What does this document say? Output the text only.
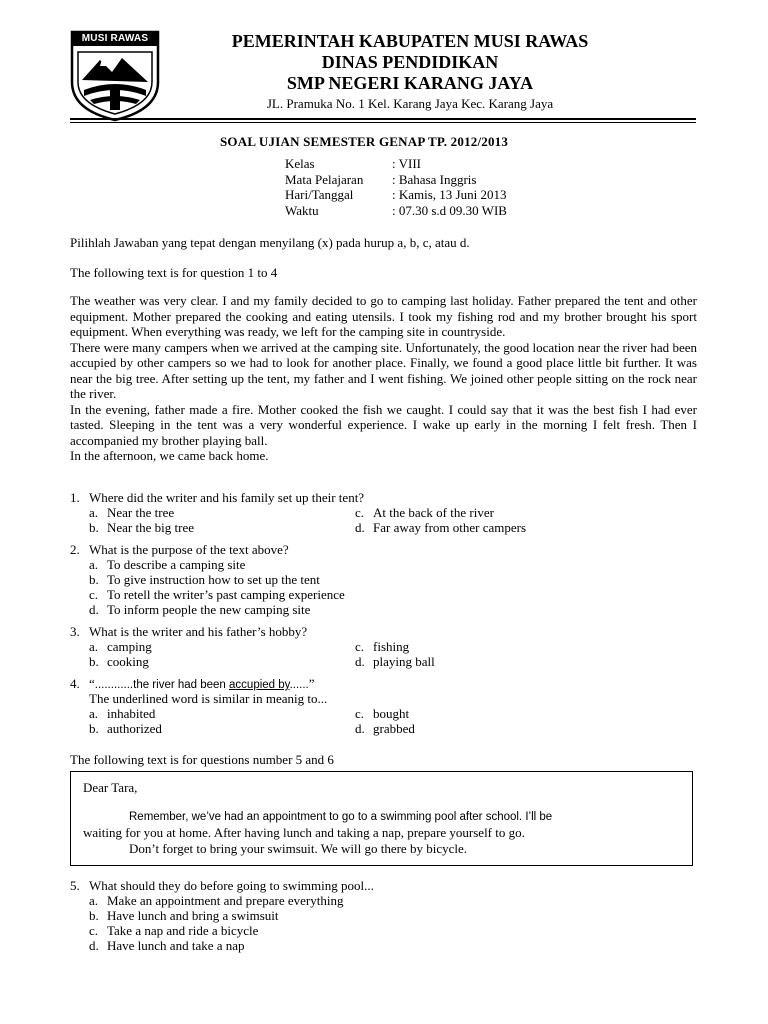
MUSI RAWAS	PEMERINTAH KABUPATEN MUSI RAWAS
DINAS PENDIDIKAN
SMP NEGERI KARANG JAYA
JL. Pramuka No. 1 Kel. Karang Jaya Kec. Karang Jaya
SOAL UJIAN SEMESTER GENAP TP. 2012/2013
Kelas	: VIII
Mata Pelajaran : Bahasa Inggris
Hari/Tanggal	: Kamis, 13 Juni 2013
Waktu	: 07.30 s.d 09.30 WIB
Pilihlah Jawaban yang tepat dengan menyilang (x) pada hurup a, b, c, atau d.
The following text is for question 1 to 4

The weather was very clear. I and my family decided to go to camping last holiday. Father prepared the tent and other equipment. Mother prepared the cooking and eating utensils. I took my fishing rod and my brother brought his sport equipment. When everything was ready, we left for the camping site in countryside.

There were many campers when we arrived at the camping site. Unfortunately, the good location near the river had been accupied by other campers so we had to look for another place. Finally, we found a good place little bit further. It was near the big tree. After setting up the tent, my father and I went fishing. We joined other people sitting on the rock near the river.

In the evening, father made a fire. Mother cooked the fish we caught. I could say that it was the best fish I had ever tasted. Sleeping in the tent was a very wonderful experience. I wake up early in the morning I felt fresh. Then I accompanied my brother playing ball.

In the afternoon, we came back home.

1. Where did the writer and his family set up their tent?
a. Near the tree	c. At the back of the river
b. Near the big tree	d. Far away from other campers
2. What is the purpose of the text above?
a. To describe a camping site
b. To give instruction how to set up the tent
c. To retell the writer’s past camping experience
d. To inform people the new camping site
3. What is the writer and his father’s hobby?
a. camping	c. fishing
b. cooking	d. playing ball
4. “............the river had been accupied by......”
The underlined word is similar in meanig to...
a. inhabited	c. bought
b. authorized	d. grabbed
The following text is for questions number 5 and 6

Dear Tara,

Remember, we’ve had an appointment to go to a swimming pool after school. I’ll be

waiting for you at home. After having lunch and taking a nap, prepare yourself to go.

Don’t forget to bring your swimsuit. We will go there by bicycle.

5. What should they do before going to swimming pool...
a. Make an appointment and prepare everything
b. Have lunch and bring a swimsuit
c. Take a nap and ride a bicycle
d. Have lunch and take a nap
